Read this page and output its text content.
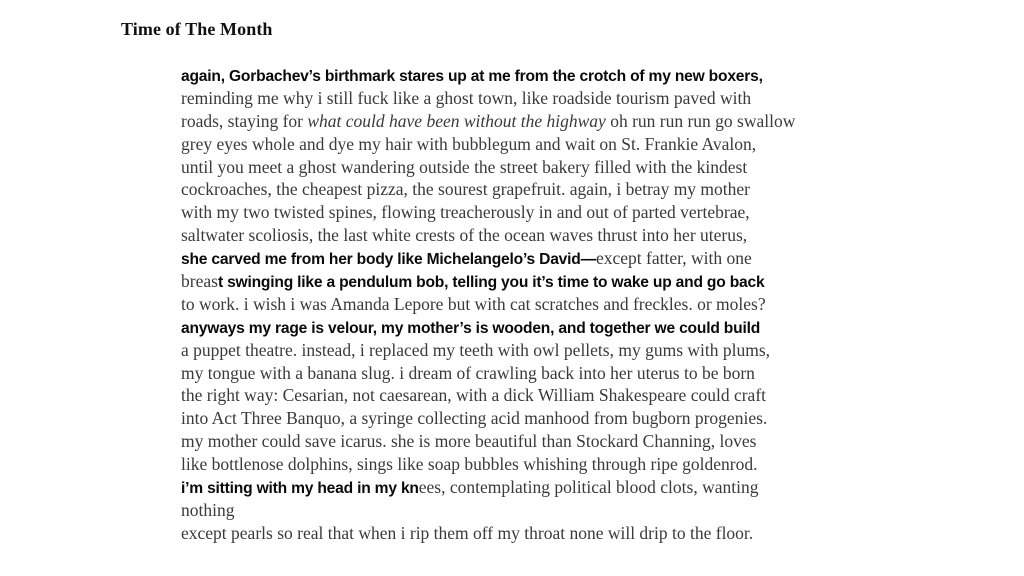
Time of The Month
again, Gorbachev’s birthmark stares up at me from the crotch of my new boxers,
reminding me why i still fuck like a ghost town, like roadside tourism paved with
roads, staying for what could have been without the highway oh run run run go swallow
grey eyes whole and dye my hair with bubblegum and wait on St. Frankie Avalon,
until you meet a ghost wandering outside the street bakery filled with the kindest
cockroaches, the cheapest pizza, the sourest grapefruit. again, i betray my mother
with my two twisted spines, flowing treacherously in and out of parted vertebrae,
saltwater scoliosis, the last white crests of the ocean waves thrust into her uterus,
she carved me from her body like Michelangelo’s David—except fatter, with one
breast swinging like a pendulum bob, telling you it’s time to wake up and go back
to work. i wish i was Amanda Lepore but with cat scratches and freckles. or moles?
anyways my rage is velour, my mother’s is wooden, and together we could build
a puppet theatre. instead, i replaced my teeth with owl pellets, my gums with plums,
my tongue with a banana slug. i dream of crawling back into her uterus to be born
the right way: Cesarian, not caesarean, with a dick William Shakespeare could craft
into Act Three Banquo, a syringe collecting acid manhood from bugborn progenies.
my mother could save icarus. she is more beautiful than Stockard Channing, loves
like bottlenose dolphins, sings like soap bubbles whishing through ripe goldenrod.
i’m sitting with my head in my knees, contemplating political blood clots, wanting
nothing
except pearls so real that when i rip them off my throat none will drip to the floor.
